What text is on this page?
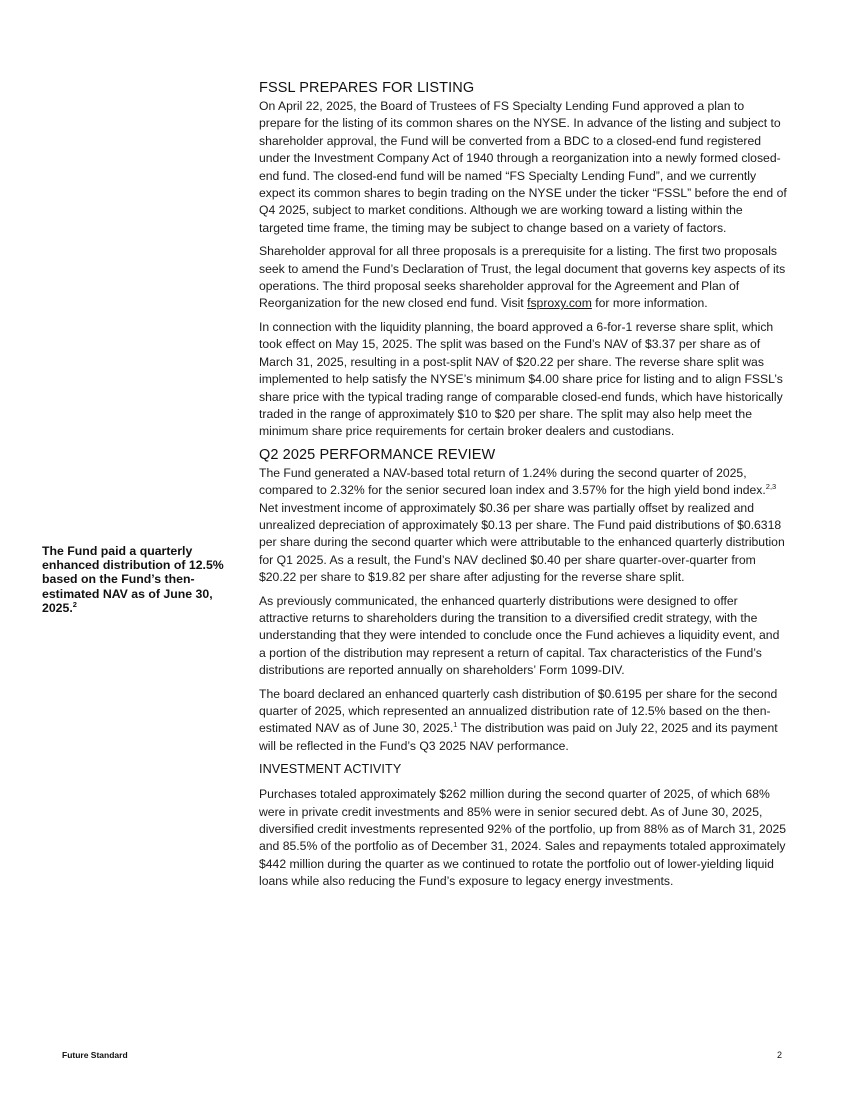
FSSL PREPARES FOR LISTING

On April 22, 2025, the Board of Trustees of FS Specialty Lending Fund approved a plan to prepare for the listing of its common shares on the NYSE. In advance of the listing and subject to shareholder approval, the Fund will be converted from a BDC to a closed-end fund registered under the Investment Company Act of 1940 through a reorganization into a newly formed closed-end fund. The closed-end fund will be named “FS Specialty Lending Fund”, and we currently expect its common shares to begin trading on the NYSE under the ticker “FSSL” before the end of Q4 2025, subject to market conditions. Although we are working toward a listing within the targeted time frame, the timing may be subject to change based on a variety of factors.

Shareholder approval for all three proposals is a prerequisite for a listing. The first two proposals seek to amend the Fund’s Declaration of Trust, the legal document that governs key aspects of its operations. The third proposal seeks shareholder approval for the Agreement and Plan of Reorganization for the new closed end fund. Visit fsproxy.com for more information.

In connection with the liquidity planning, the board approved a 6-for-1 reverse share split, which took effect on May 15, 2025. The split was based on the Fund’s NAV of $3.37 per share as of March 31, 2025, resulting in a post-split NAV of $20.22 per share. The reverse share split was implemented to help satisfy the NYSE’s minimum $4.00 share price for listing and to align FSSL’s share price with the typical trading range of comparable closed-end funds, which have historically traded in the range of approximately $10 to $20 per share. The split may also help meet the minimum share price requirements for certain broker dealers and custodians.

Q2 2025 PERFORMANCE REVIEW

The Fund generated a NAV-based total return of 1.24% during the second quarter of 2025, compared to 2.32% for the senior secured loan index and 3.57% for the high yield bond index.$^{2,3}$ Net investment income of approximately $0.36 per share was partially offset by realized and unrealized depreciation of approximately $0.13 per share. The Fund paid distributions of $0.6318 per share during the second quarter which were attributable to the enhanced quarterly distribution for Q1 2025. As a result, the Fund’s NAV declined $0.40 per share quarter-over-quarter from $20.22 per share to $19.82 per share after adjusting for the reverse share split.

As previously communicated, the enhanced quarterly distributions were designed to offer attractive returns to shareholders during the transition to a diversified credit strategy, with the understanding that they were intended to conclude once the Fund achieves a liquidity event, and a portion of the distribution may represent a return of capital. Tax characteristics of the Fund’s distributions are reported annually on shareholders’ Form 1099-DIV.

The board declared an enhanced quarterly cash distribution of $0.6195 per share for the second quarter of 2025, which represented an annualized distribution rate of 12.5% based on the then-estimated NAV as of June 30, 2025.$^1$ The distribution was paid on July 22, 2025 and its payment will be reflected in the Fund’s Q3 2025 NAV performance.

INVESTMENT ACTIVITY

Purchases totaled approximately $262 million during the second quarter of 2025, of which 68% were in private credit investments and 85% were in senior secured debt. As of June 30, 2025, diversified credit investments represented 92% of the portfolio, up from 88% as of March 31, 2025 and 85.5% of the portfolio as of December 31, 2024. Sales and repayments totaled approximately $442 million during the quarter as we continued to rotate the portfolio out of lower-yielding liquid loans while also reducing the Fund’s exposure to legacy energy investments.

The Fund paid a quarterly enhanced distribution of 12.5% based on the Fund’s then-estimated NAV as of June 30, 2025.$^2$
Future Standard	2
